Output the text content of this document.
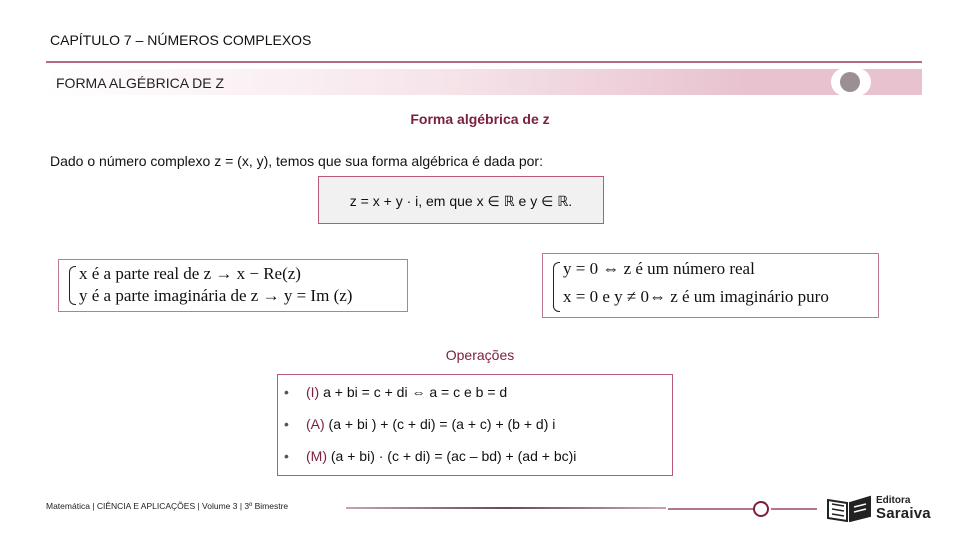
CAPÍTULO 7 – NÚMEROS COMPLEXOS
FORMA ALGÉBRICA DE Z
Forma algébrica de z
Dado o número complexo z = (x, y), temos que sua forma algébrica é dada por:
z = x + y · i, em que x ∈ ℝ e y ∈ ℝ.
x é a parte real de z → x − Re(z)
y é a parte imaginária de z → y = Im (z)
y = 0 ⇔ z é um número real
x = 0 e y ≠ 0⇔ z é um imaginário puro
Operações
• (I) a + bi = c + di ⇔ a = c e b = d
• (A) (a + bi ) + (c + di) = (a + c) + (b + d) i
• (M) (a + bi) · (c + di) = (ac – bd) + (ad + bc)i
Matemática | CIÊNCIA E APLICAÇÕES | Volume 3 | 3º Bimestre	Editora
Saraiva
